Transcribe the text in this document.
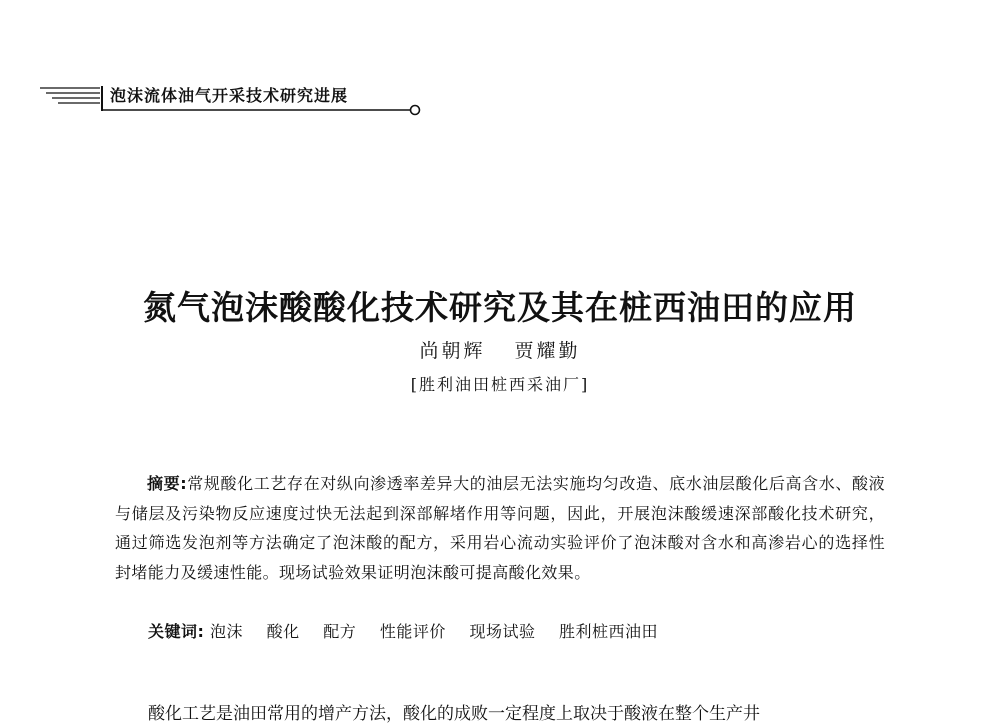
泡沫流体油气开采技术研究进展
氮气泡沫酸酸化技术研究及其在桩西油田的应用
尚朝辉 贾耀勤
[胜利油田桩西采油厂]
摘要:常规酸化工艺存在对纵向渗透率差异大的油层无法实施均匀改造、底水油层酸化后高含水、酸液与储层及污染物反应速度过快无法起到深部解堵作用等问题，因此，开展泡沫酸缓速深部酸化技术研究，通过筛选发泡剂等方法确定了泡沫酸的配方，采用岩心流动实验评价了泡沫酸对含水和高渗岩心的选择性封堵能力及缓速性能。现场试验效果证明泡沫酸可提高酸化效果。
关键词: 泡沫 酸化 配方 性能评价 现场试验 胜利桩西油田
酸化工艺是油田常用的增产方法，酸化的成败一定程度上取决于酸液在整个生产井
